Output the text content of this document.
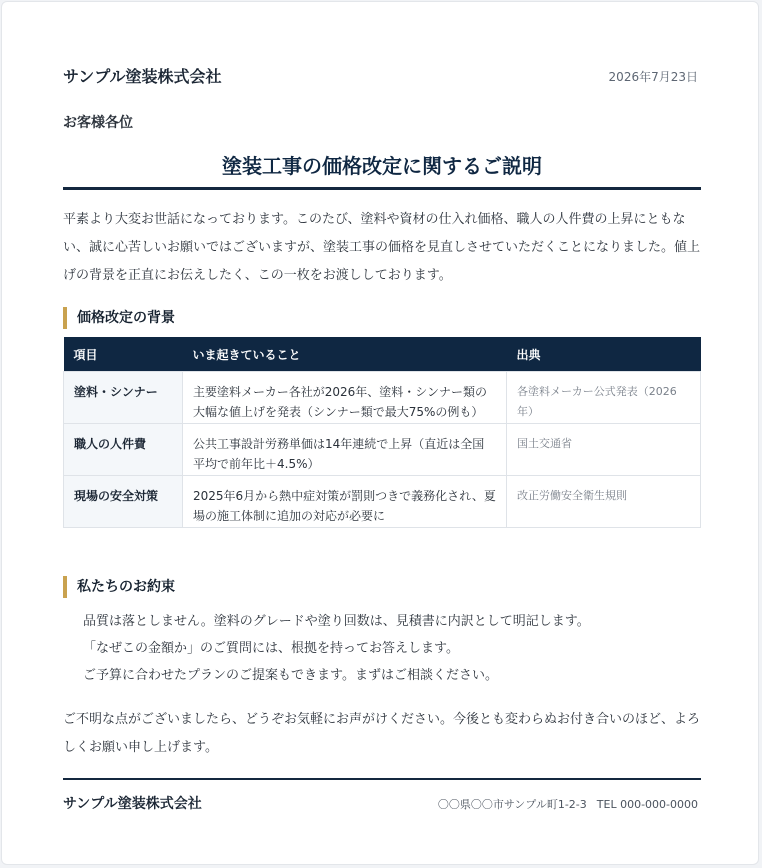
サンプル塗装株式会社	2026年7月23日
お客様各位
塗装工事の価格改定に関するご説明

平素より大変お世話になっております。このたび、塗料や資材の仕入れ価格、職人の人件費の上昇にともない、誠に心苦しいお願いではございますが、塗装工事の価格を見直しさせていただくことになりました。値上げの背景を正直にお伝えしたく、この一枚をお渡ししております。

価格改定の背景
項目	いま起きていること	出典
塗料・シンナー	主要塗料メーカー各社が2026年、塗料・シンナー類の大幅な値上げを発表（シンナー類で最大75%の例も）	各塗料メーカー公式発表（2026年）
職人の人件費	公共工事設計労務単価は14年連続で上昇（直近は全国平均で前年比＋4.5%）	国土交通省
現場の安全対策	2025年6月から熱中症対策が罰則つきで義務化され、夏場の施工体制に追加の対応が必要に	改正労働安全衛生規則
私たちのお約束
品質は落としません。塗料のグレードや塗り回数は、見積書に内訳として明記します。
「なぜこの金額か」のご質問には、根拠を持ってお答えします。
ご予算に合わせたプランのご提案もできます。まずはご相談ください。

ご不明な点がございましたら、どうぞお気軽にお声がけください。今後とも変わらぬお付き合いのほど、よろしくお願い申し上げます。

サンプル塗装株式会社	〇〇県〇〇市サンプル町1-2-3 TEL 000-000-0000
